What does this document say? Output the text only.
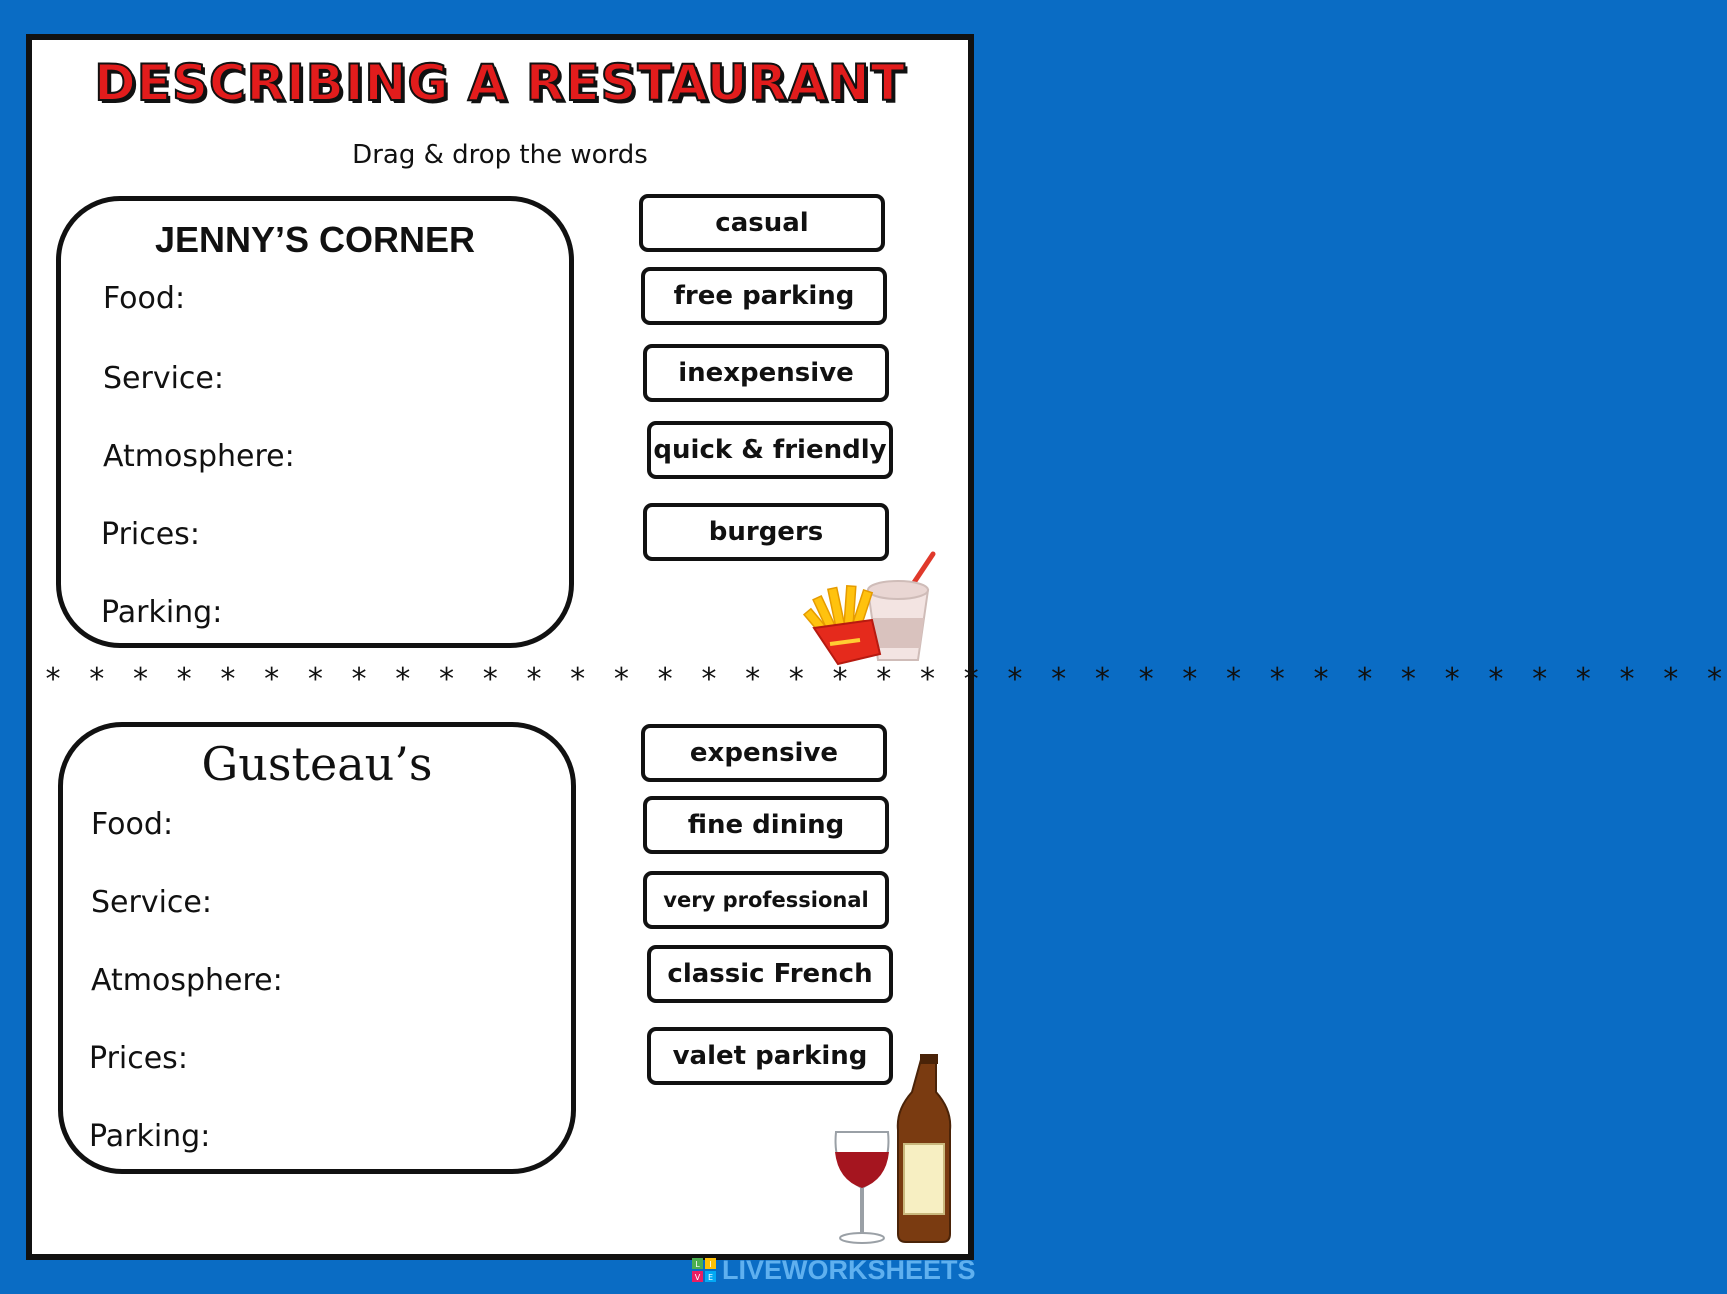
DESCRIBING A RESTAURANT
Drag & drop the words
JENNY’S CORNER
Food:
Service:
Atmosphere:
Prices:
Parking:
casual
free parking
inexpensive
quick & friendly
burgers
* * * * * * * * * * * * * * * * * * * * * * * * * * * * * * * * * * * * * * *
Gusteau’s
Food:
Service:
Atmosphere:
Prices:
Parking:
expensive
fine dining
very professional
classic French
valet parking
L I
V E LIVEWORKSHEETS
